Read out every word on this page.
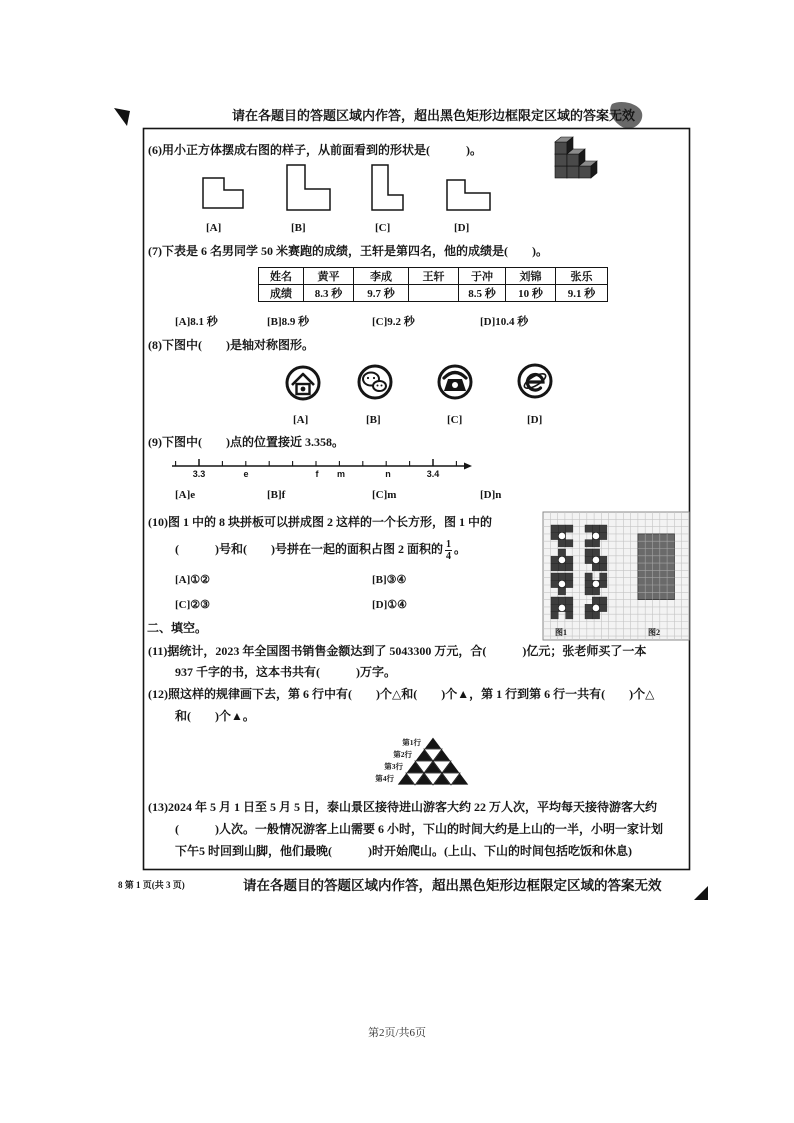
请在各题目的答题区域内作答，超出黑色矩形边框限定区域的答案无效
(6)用小正方体摆成右图的样子，从前面看到的形状是(　　　)。
[A]	[B]	[C]	[D]
(7)下表是 6 名男同学 50 米赛跑的成绩，王轩是第四名，他的成绩是(　　)。
姓名	黄平	李成	王轩	于冲	刘锦	张乐
成绩	8.3 秒	9.7 秒		8.5 秒	10 秒	9.1 秒
[A]8.1 秒	[B]8.9 秒	[C]9.2 秒	[D]10.4 秒
(8)下图中(　　)是轴对称图形。
[A]	[B]	[C]	[D]
(9)下图中(　　)点的位置接近 3.358。
3.3	e	f m	n	3.4
[A]e	[B]f	[C]m	[D]n
(10)图 1 中的 8 块拼板可以拼成图 2 这样的一个长方形，图 1 中的
(　　　)号和(　　)号拼在一起的面积占图 2 面积的 $\frac{1}{4}$ 。
[A]①②	[B]③④
[C]②③	[D]①④
图1	图2
二、填空。
(11)据统计，2023 年全国图书销售金额达到了 5043300 万元，合(　　　)亿元；张老师买了一本
937 千字的书，这本书共有(　　　)万字。
(12)照这样的规律画下去，第 6 行中有(　　)个△和(　　)个▲，第 1 行到第 6 行一共有(　　)个△
和(　　)个▲。
第1行
第2行
第3行
第4行
(13)2024 年 5 月 1 日至 5 月 5 日，泰山景区接待进山游客大约 22 万人次，平均每天接待游客大约
(　　　)人次。一般情况游客上山需要 6 小时，下山的时间大约是上山的一半，小明一家计划
下午5 时回到山脚，他们最晚(　　　)时开始爬山。(上山、下山的时间包括吃饭和休息)
8 第 1 页(共 3 页)	请在各题目的答题区域内作答，超出黑色矩形边框限定区域的答案无效
第2页/共6页
